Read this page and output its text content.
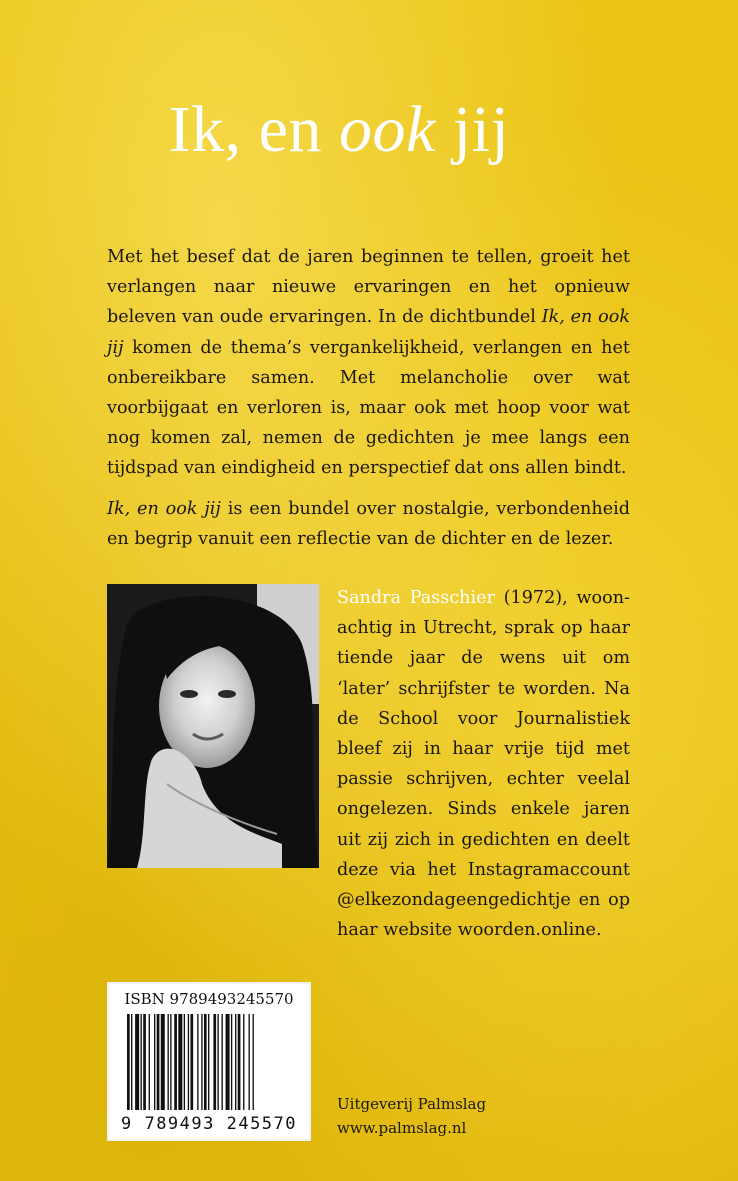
Ik, en ook jij

Met het besef dat de jaren beginnen te tellen, groeit het verlangen naar nieuwe ervaringen en het opnieuw beleven van oude ervaringen. In de dichtbundel Ik, en ook jij komen de thema’s vergankelijkheid, verlangen en het onbereikbare samen. Met melancholie over wat voorbijgaat en verloren is, maar ook met hoop voor wat nog komen zal, nemen de gedichten je mee langs een tijdspad van eindigheid en perspectief dat ons allen bindt.

Ik, en ook jij is een bundel over nostalgie, verbondenheid en begrip vanuit een reflectie van de dichter en de lezer.

Sandra Passchier (1972), woonachtig in Utrecht, sprak op haar tiende jaar de wens uit om ‘later’ schrijfster te worden. Na de School voor Journalistiek bleef zij in haar vrije tijd met passie schrijven, echter veelal ongelezen. Sinds enkele jaren uit zij zich in gedichten en deelt deze via het Instagramaccount @elkezondageengedichtje en op haar website woorden.online.

ISBN 9789493245570
9 789493 245570
Uitgeverij Palmslag
www.palmslag.nl
